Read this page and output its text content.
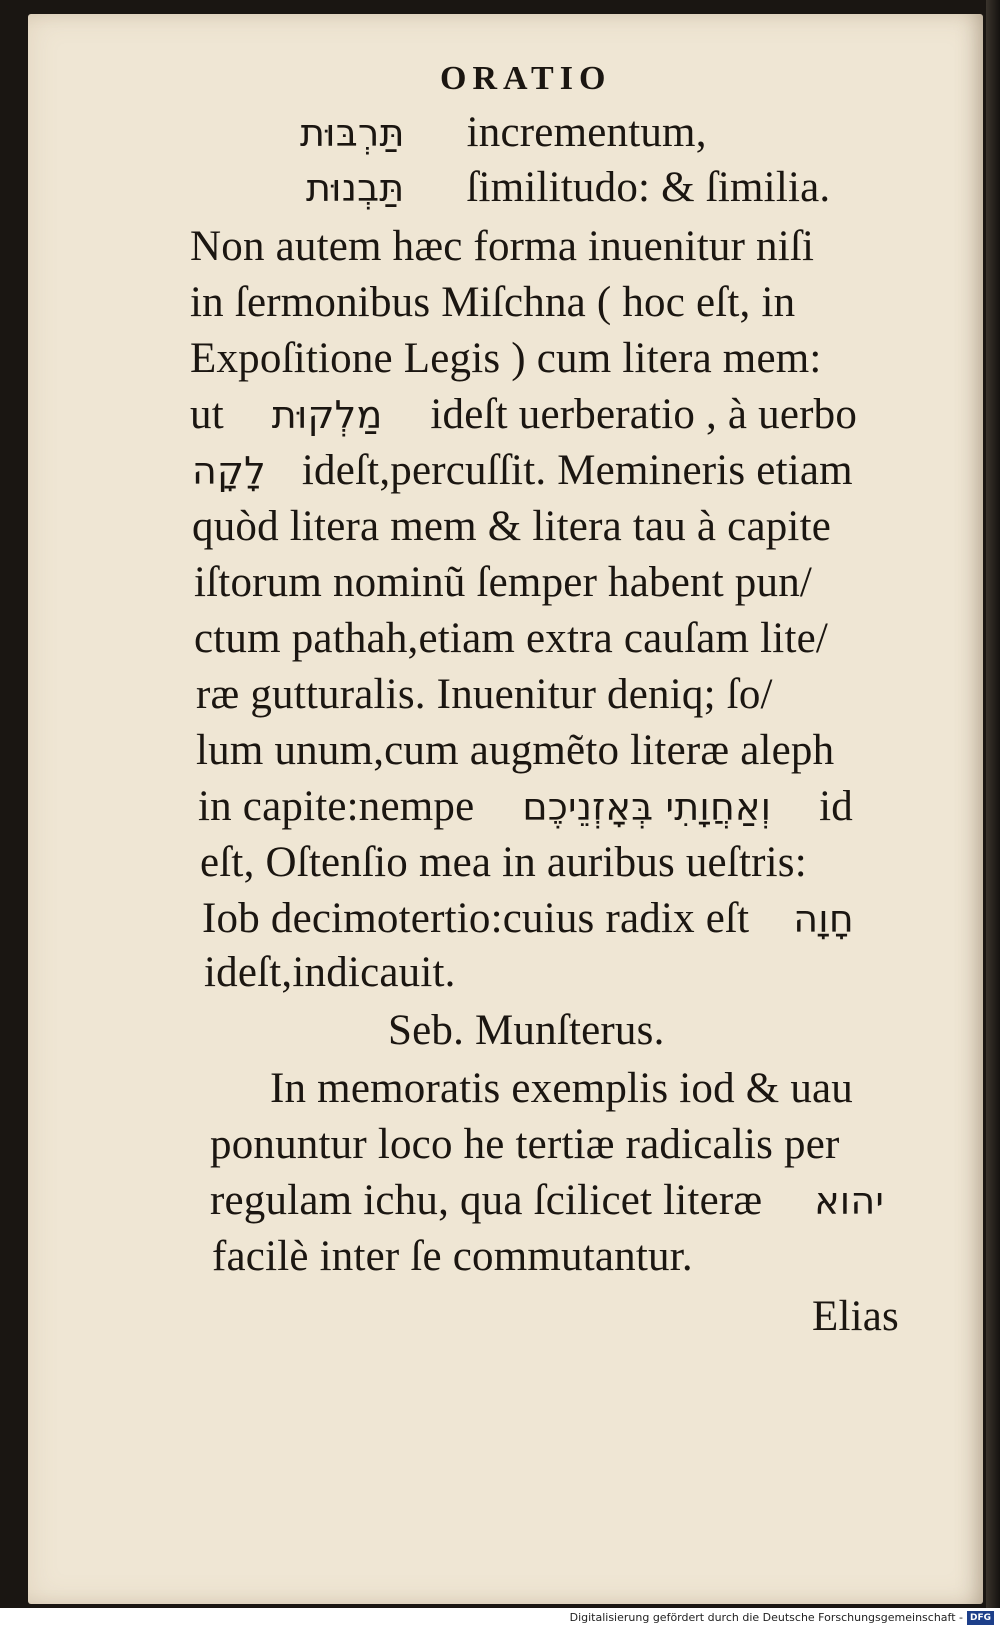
ORATIO
תַּרְבּוּת incrementum,
תַּבְנוּת ſimilitudo: & ſimilia.
Non autem hæc forma inuenitur niſi
in ſermonibus Miſchna ( hoc eſt, in
Expoſitione Legis ) cum litera mem:
ut מַלְקוּת ideſt uerberatio , à uerbo
לָקָה ideſt,percuſſit. Memineris etiam
quòd litera mem & litera tau à capite
iſtorum nominũ ſemper habent pun/
ctum pathah,etiam extra cauſam lite/
ræ gutturalis. Inuenitur deniq; ſo/
lum unum,cum augmẽto literæ aleph
in capite:nempe וְאַחֲוָתִי בְּאָזְנֵיכֶם id
eſt, Oſtenſio mea in auribus ueſtris:
Iob decimotertio:cuius radix eſt חָוָה
ideſt,indicauit.
Seb. Munſterus.
In memoratis exemplis iod & uau
ponuntur loco he tertiæ radicalis per
regulam ichu, qua ſcilicet literæ יהוא
facilè inter ſe commutantur.
Elias
Digitalisierung gefördert durch die Deutsche Forschungsgemeinschaft - DFG
